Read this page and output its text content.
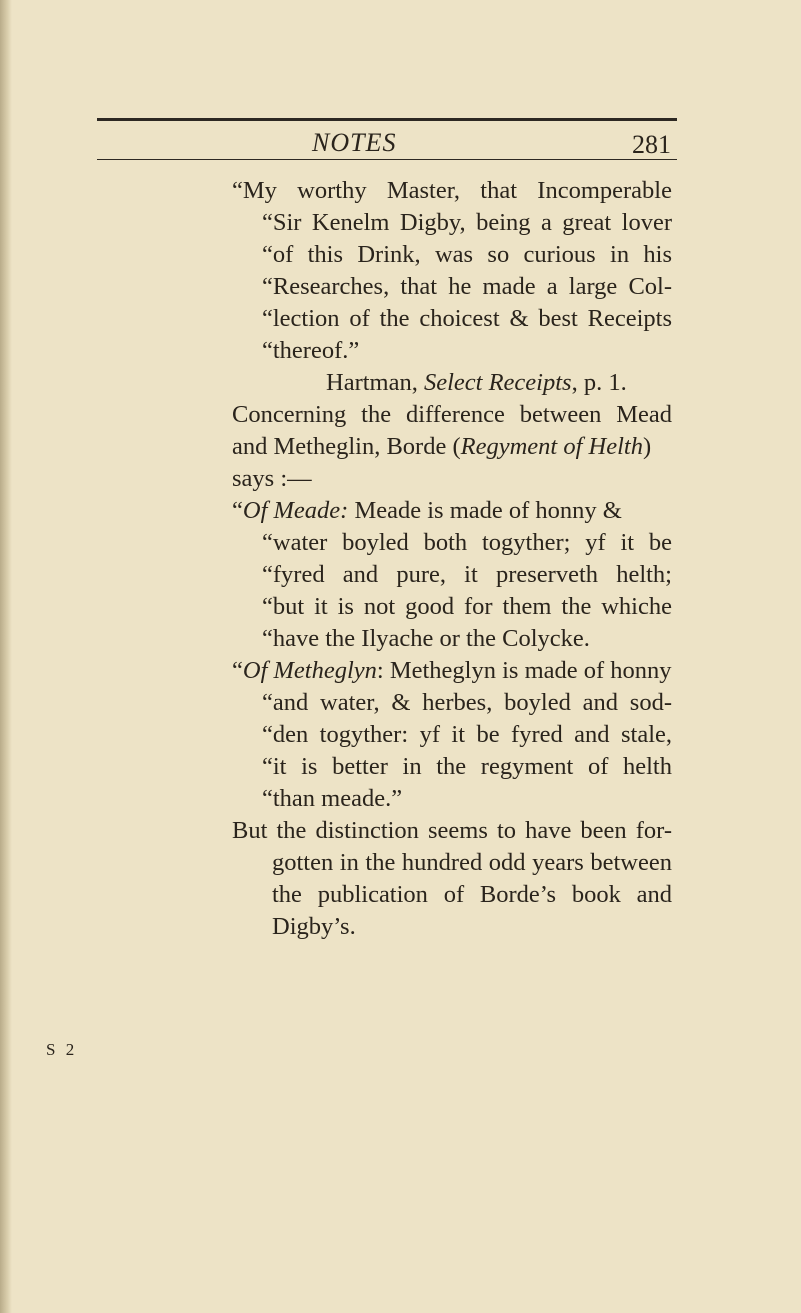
NOTES	281
“My worthy Master, that Incomperable
“Sir Kenelm Digby, being a great lover
“of this Drink, was so curious in his
“Researches, that he made a large Col-
“lection of the choicest & best Receipts
“thereof.”
Hartman, Select Receipts, p. 1.
Concerning the difference between Mead
and Metheglin, Borde (Regyment of Helth)
says :—
“Of Meade: Meade is made of honny &
“water boyled both togyther; yf it be
“fyred and pure, it preserveth helth;
“but it is not good for them the whiche
“have the Ilyache or the Colycke.
“Of Metheglyn: Metheglyn is made of honny
“and water, & herbes, boyled and sod-
“den togyther: yf it be fyred and stale,
“it is better in the regyment of helth
“than meade.”
But the distinction seems to have been for-
gotten in the hundred odd years between
the publication of Borde’s book and
Digby’s.
S 2
